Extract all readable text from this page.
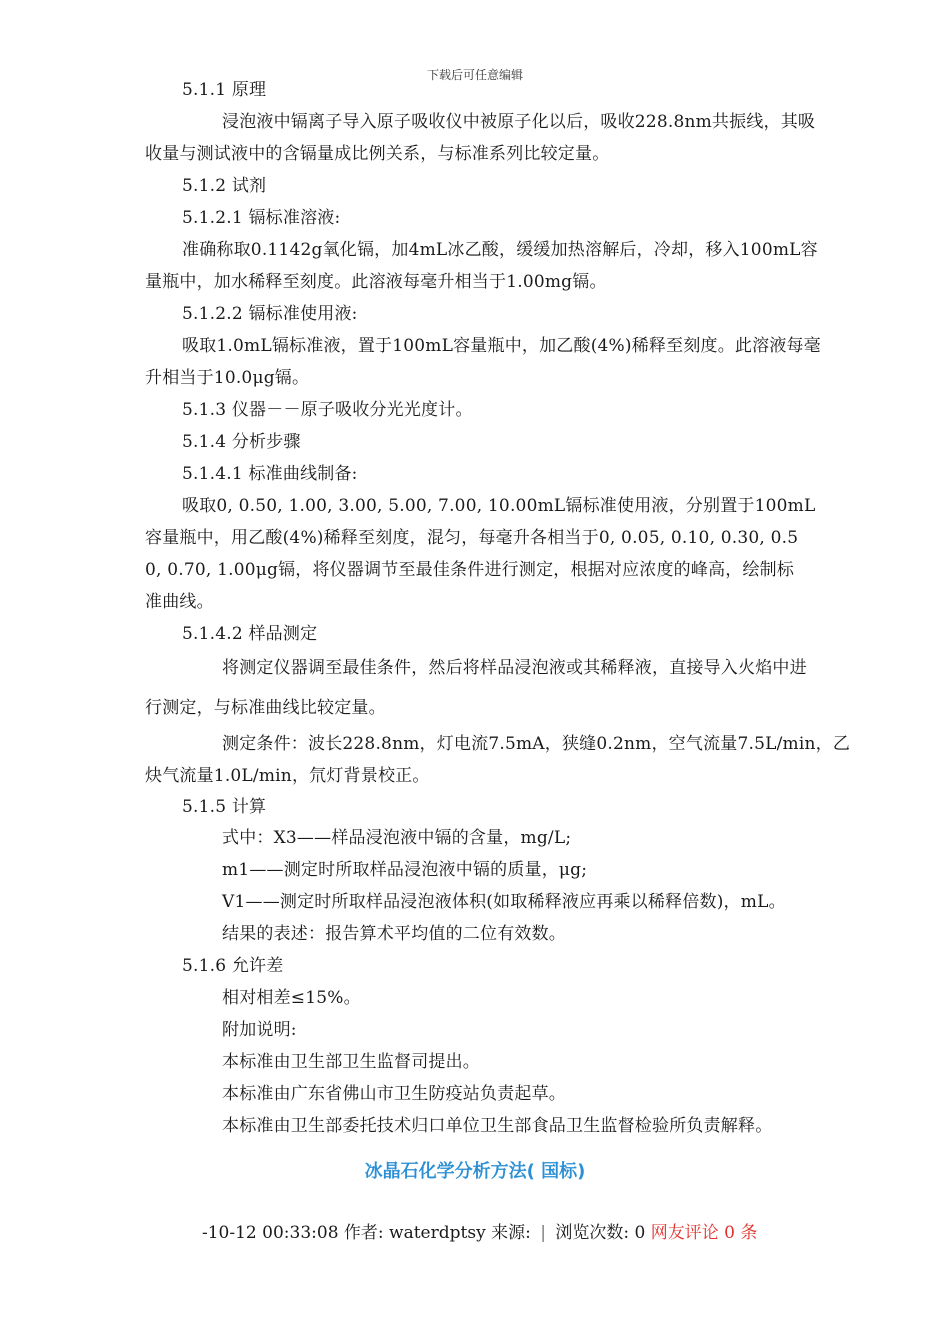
下载后可任意编辑
5.1.1 原理
浸泡液中镉离子导入原子吸收仪中被原子化以后，吸收228.8nm共振线，其吸
收量与测试液中的含镉量成比例关系，与标准系列比较定量。
5.1.2 试剂
5.1.2.1 镉标准溶液:
准确称取0.1142g氧化镉，加4mL冰乙酸，缓缓加热溶解后，冷却，移入100mL容
量瓶中，加水稀释至刻度。此溶液每毫升相当于1.00mg镉。
5.1.2.2 镉标准使用液:
吸取1.0mL镉标准液，置于100mL容量瓶中，加乙酸(4%)稀释至刻度。此溶液每毫
升相当于10.0μg镉。
5.1.3 仪器－－原子吸收分光光度计。
5.1.4 分析步骤
5.1.4.1 标准曲线制备:
吸取0, 0.50, 1.00, 3.00, 5.00, 7.00, 10.00mL镉标准使用液，分别置于100mL
容量瓶中，用乙酸(4%)稀释至刻度，混匀，每毫升各相当于0, 0.05, 0.10, 0.30, 0.5
0, 0.70, 1.00μg镉，将仪器调节至最佳条件进行测定，根据对应浓度的峰高，绘制标
准曲线。
5.1.4.2 样品测定
将测定仪器调至最佳条件，然后将样品浸泡液或其稀释液，直接导入火焰中进
行测定，与标准曲线比较定量。
测定条件：波长228.8nm，灯电流7.5mA，狭缝0.2nm，空气流量7.5L/min，乙
炔气流量1.0L/min，氘灯背景校正。
5.1.5 计算
式中：X3——样品浸泡液中镉的含量，mg/L;
m1——测定时所取样品浸泡液中镉的质量，μg;
V1——测定时所取样品浸泡液体积(如取稀释液应再乘以稀释倍数)，mL。
结果的表述：报告算术平均值的二位有效数。
5.1.6 允许差
相对相差≤15%。
附加说明:
本标准由卫生部卫生监督司提出。
本标准由广东省佛山市卫生防疫站负责起草。
本标准由卫生部委托技术归口单位卫生部食品卫生监督检验所负责解释。
冰晶石化学分析方法( 国标)
-10-12 00:33:08 作者: waterdptsy 来源: | 浏览次数: 0 网友评论 0 条
